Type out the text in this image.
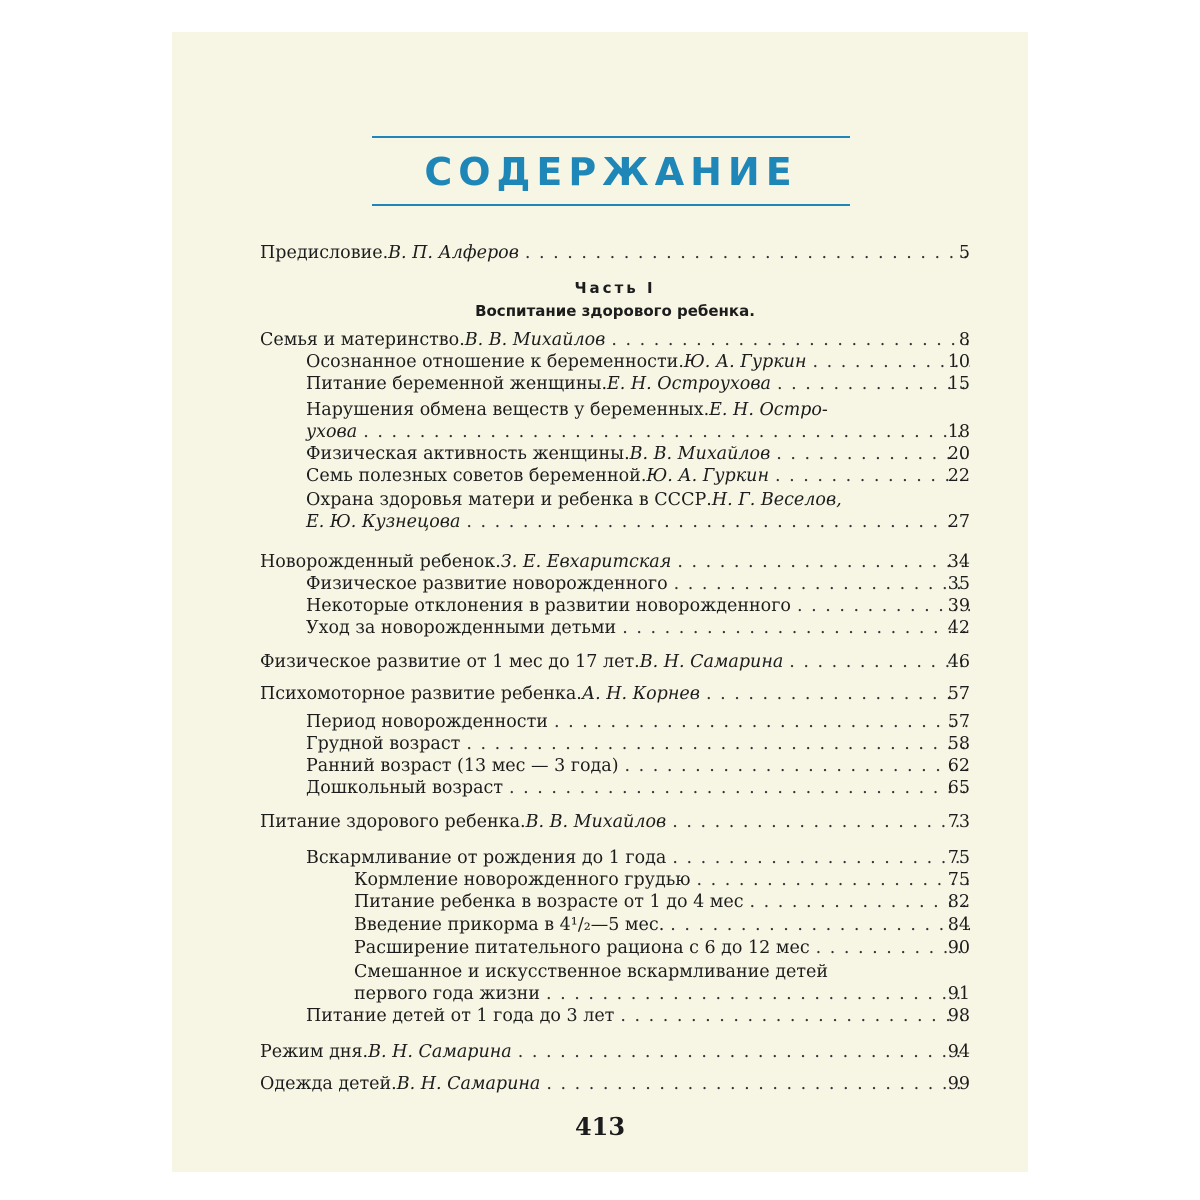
СОДЕРЖАНИЕ
Предисловие. В. П. Алферов . . .	5
Часть I
Воспитание здорового ребенка.
Семья и материнство. В. В. Михайлов . . .	8
Осознанное отношение к беременности. Ю. А. Гуркин . . .	10
Питание беременной женщины. Е. Н. Остроухова . . .	15
Нарушения обмена веществ у беременных. Е. Н. Остро-
ухова . . .	18
Физическая активность женщины. В. В. Михайлов . . .	20
Семь полезных советов беременной. Ю. А. Гуркин . . .	22
Охрана здоровья матери и ребенка в СССР. Н. Г. Веселов,
Е. Ю. Кузнецова . . .	27
Новорожденный ребенок. З. Е. Евхаритская . . .	34
Физическое развитие новорожденного . . .	35
Некоторые отклонения в развитии новорожденного . . .	39
Уход за новорожденными детьми . . .	42
Физическое развитие от 1 мес до 17 лет. В. Н. Самарина . . .	46
Психомоторное развитие ребенка. А. Н. Корнев . . .	57
Период новорожденности . . .	57
Грудной возраст . . .	58
Ранний возраст (13 мес — 3 года) . . .	62
Дошкольный возраст . . .	65
Питание здорового ребенка. В. В. Михайлов . . .	73
Вскармливание от рождения до 1 года . . .	75
Кормление новорожденного грудью . . .	75
Питание ребенка в возрасте от 1 до 4 мес . . .	82
Введение прикорма в 4¹/₂—5 мес. . . .	84
Расширение питательного рациона с 6 до 12 мес . . .	90
Смешанное и искусственное вскармливание детей
первого года жизни . . .	91
Питание детей от 1 года до 3 лет . . .	98
Режим дня. В. Н. Самарина . . .	94
Одежда детей. В. Н. Самарина . . .	99
413
